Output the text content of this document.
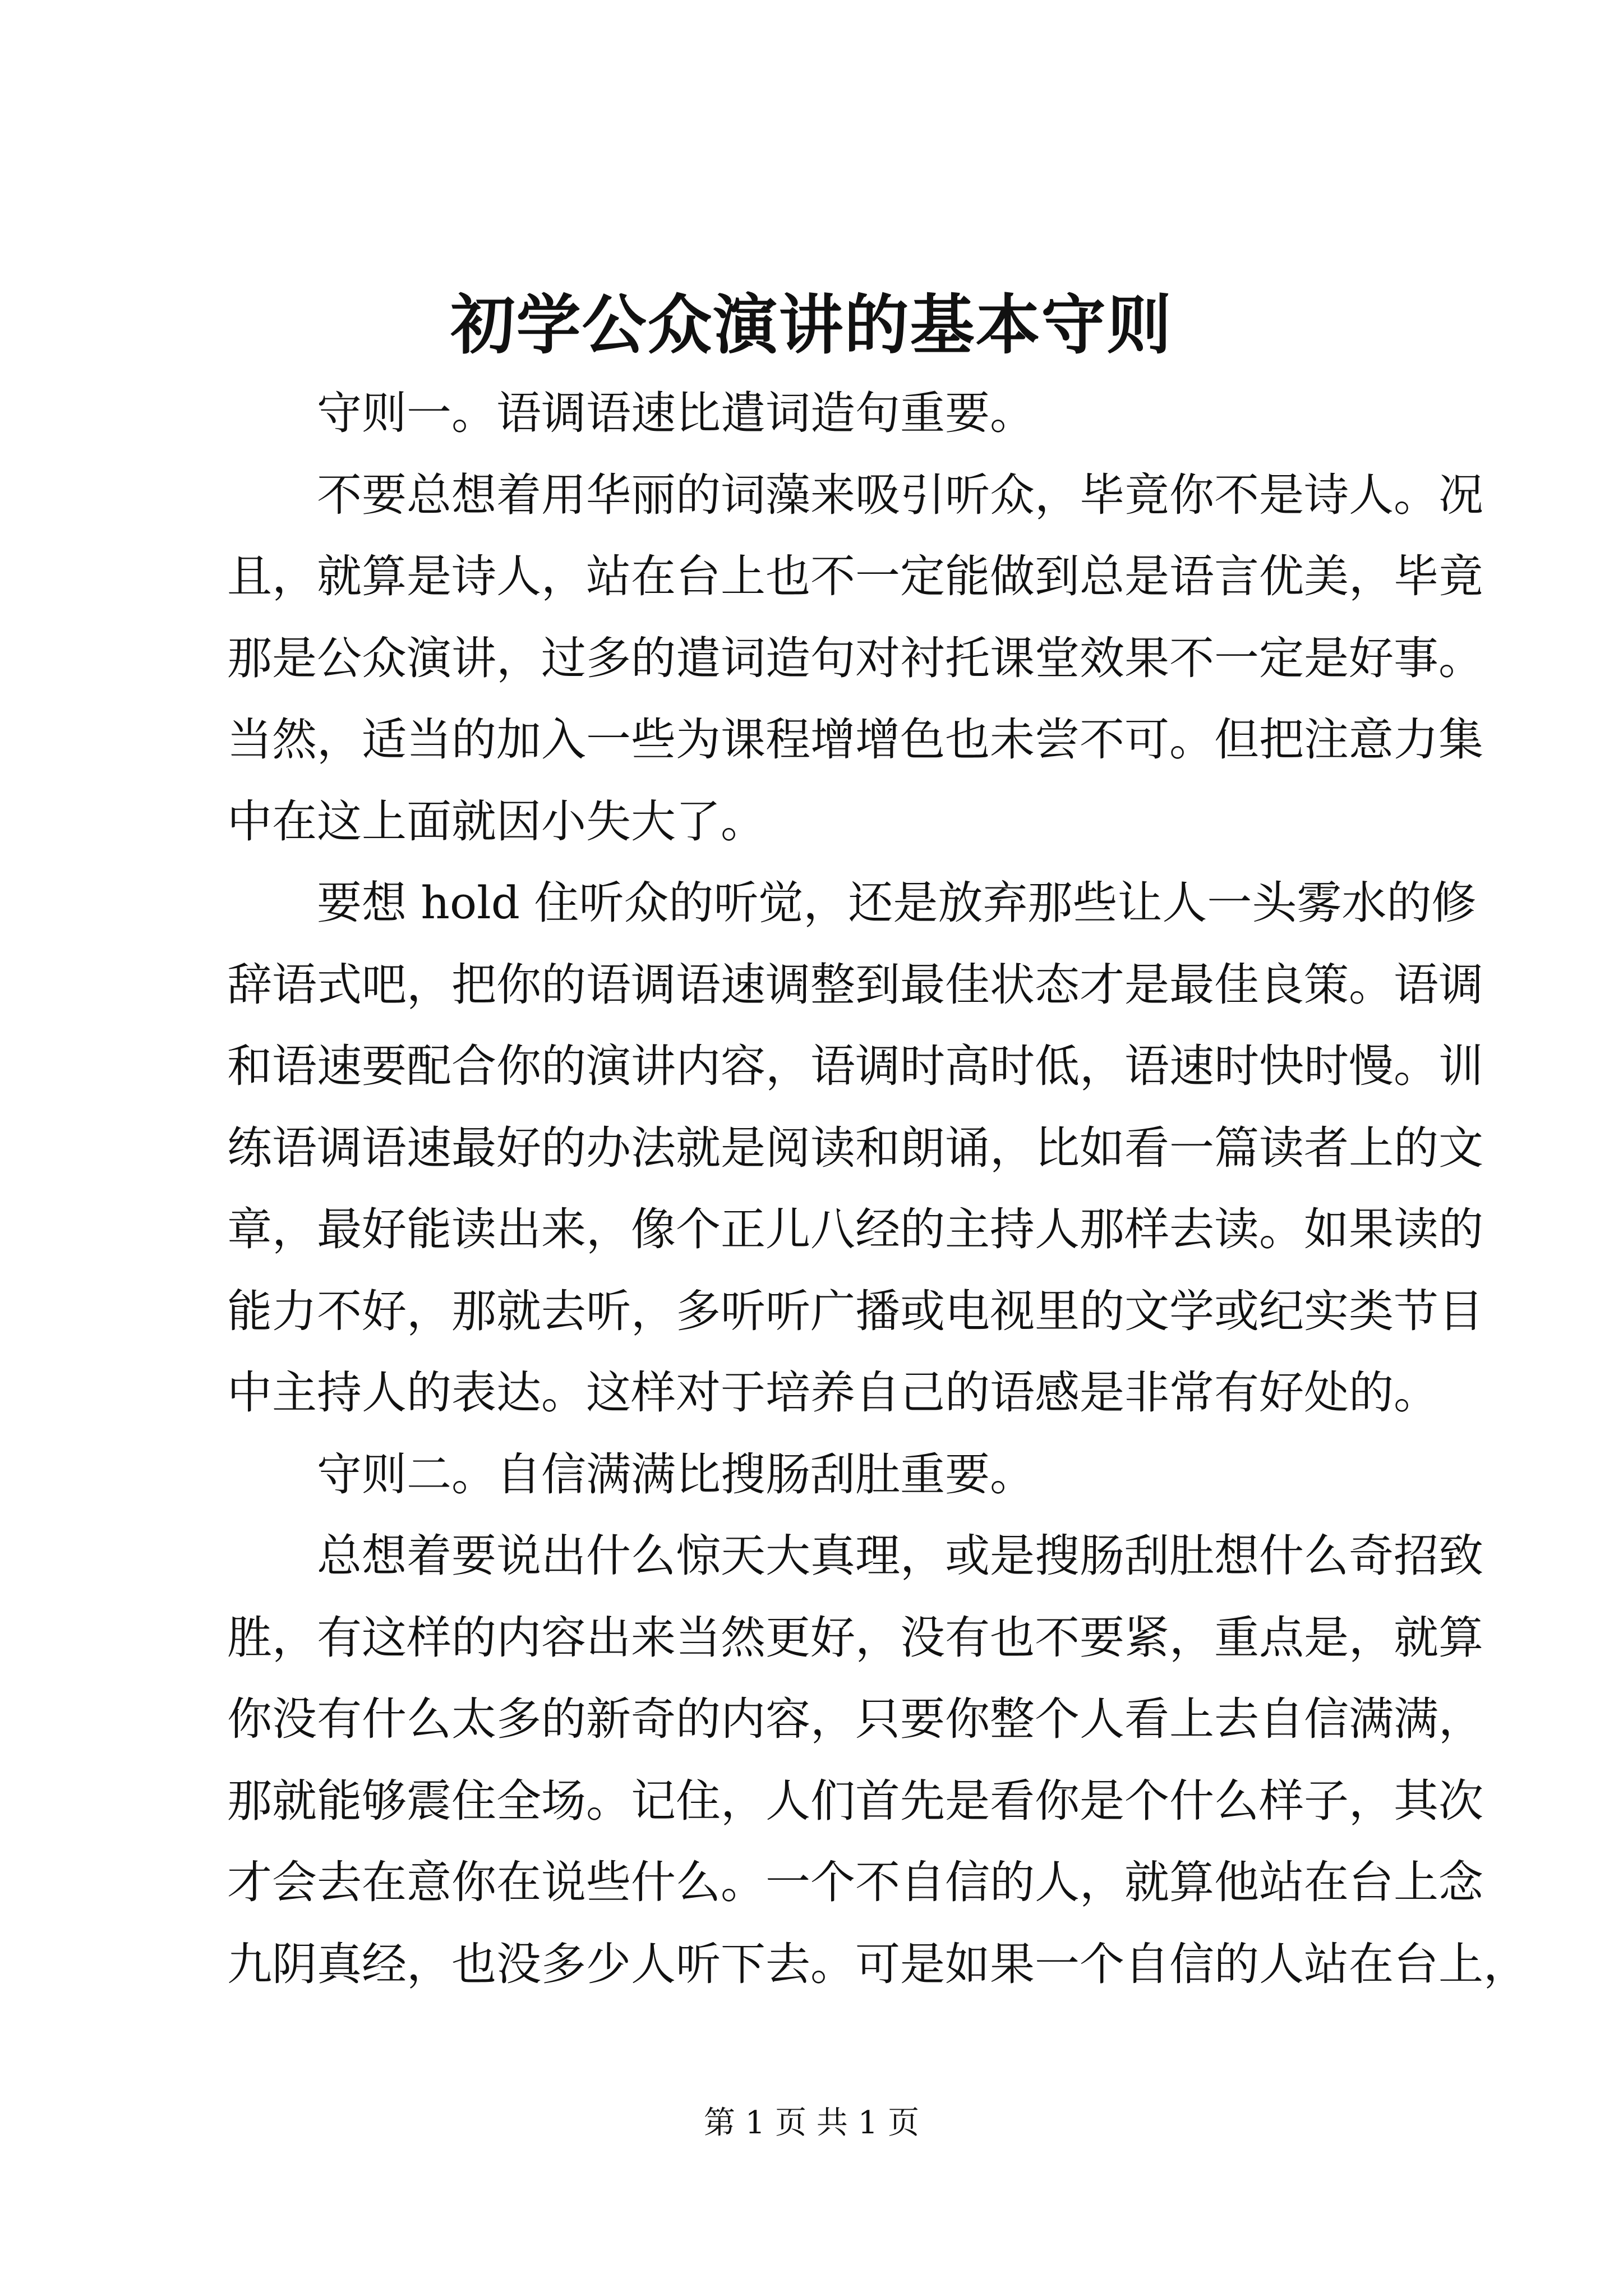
初学公众演讲的基本守则
守则一。语调语速比遣词造句重要。
不要总想着用华丽的词藻来吸引听众，毕竟你不是诗人。况
且，就算是诗人，站在台上也不一定能做到总是语言优美，毕竟
那是公众演讲，过多的遣词造句对衬托课堂效果不一定是好事。
当然，适当的加入一些为课程增增色也未尝不可。但把注意力集
中在这上面就因小失大了。
要想 hold 住听众的听觉，还是放弃那些让人一头雾水的修
辞语式吧，把你的语调语速调整到最佳状态才是最佳良策。语调
和语速要配合你的演讲内容，语调时高时低，语速时快时慢。训
练语调语速最好的办法就是阅读和朗诵，比如看一篇读者上的文
章，最好能读出来，像个正儿八经的主持人那样去读。如果读的
能力不好，那就去听，多听听广播或电视里的文学或纪实类节目
中主持人的表达。这样对于培养自己的语感是非常有好处的。
守则二。自信满满比搜肠刮肚重要。
总想着要说出什么惊天大真理，或是搜肠刮肚想什么奇招致
胜，有这样的内容出来当然更好，没有也不要紧，重点是，就算
你没有什么太多的新奇的内容，只要你整个人看上去自信满满，
那就能够震住全场。记住，人们首先是看你是个什么样子，其次
才会去在意你在说些什么。一个不自信的人，就算他站在台上念
九阴真经，也没多少人听下去。可是如果一个自信的人站在台上，
第 1 页 共 1 页
